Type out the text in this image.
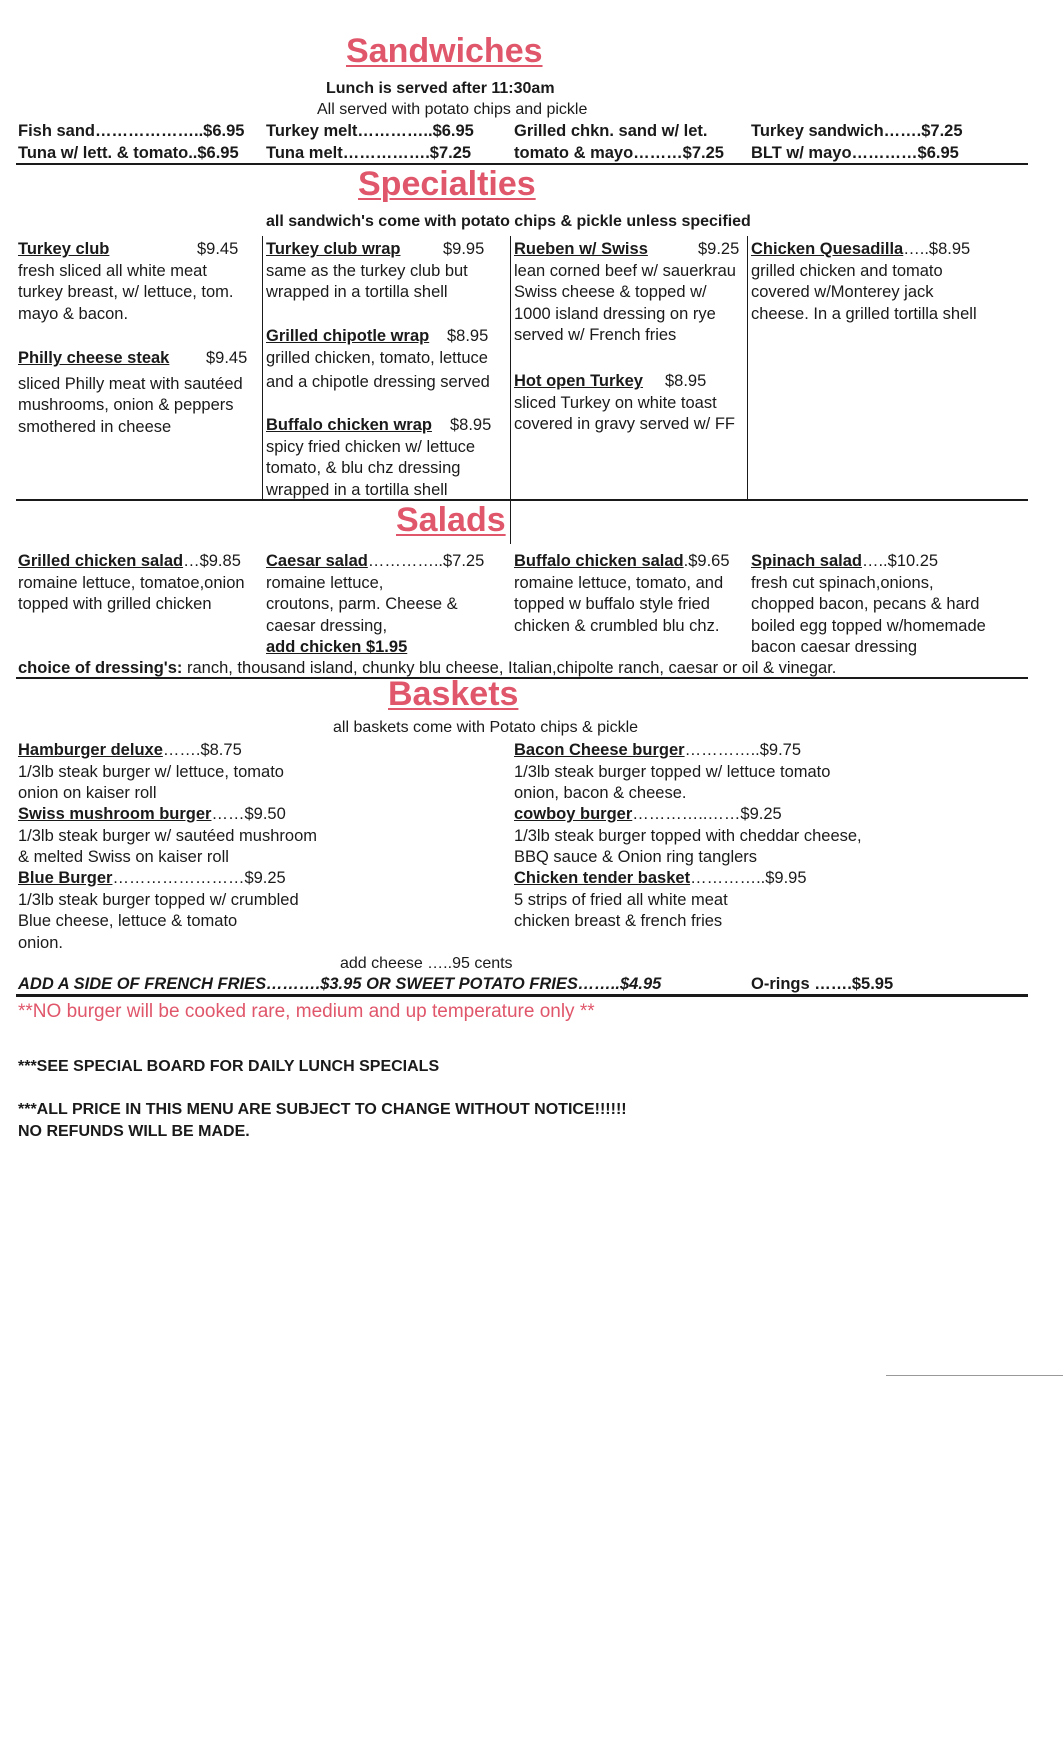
Sandwiches
Lunch is served after 11:30am
All served with potato chips and pickle
Fish sand………………..$6.95 Turkey melt…………..$6.95 Grilled chkn. sand w/ let.	Turkey sandwich…….$7.25
Tuna w/ lett. & tomato..$6.95 Tuna melt…………….$7.25	tomato & mayo………$7.25 BLT w/ mayo…………$6.95
Specialties
all sandwich's come with potato chips & pickle unless specified
Turkey club	$9.45
fresh sliced all white meat
turkey breast, w/ lettuce, tom.
mayo & bacon.
Philly cheese steak $9.45
sliced Philly meat with sautéed
mushrooms, onion & peppers
smothered in cheese
Turkey club wrap	$9.95
same as the turkey club but
wrapped in a tortilla shell
Grilled chipotle wrap $8.95
grilled chicken, tomato, lettuce
and a chipotle dressing served
Buffalo chicken wrap $8.95
spicy fried chicken w/ lettuce
tomato, & blu chz dressing
wrapped in a tortilla shell
Rueben w/ Swiss	$9.25
lean corned beef w/ sauerkrau
Swiss cheese & topped w/
1000 island dressing on rye
served w/ French fries
Hot open Turkey $8.95
sliced Turkey on white toast
covered in gravy served w/ FF
Chicken Quesadilla…..$8.95
grilled chicken and tomato
covered w/Monterey jack
cheese. In a grilled tortilla shell
Salads
Grilled chicken salad…$9.85
romaine lettuce, tomatoe,onion
topped with grilled chicken
Caesar salad…………..$7.25
romaine lettuce,
croutons, parm. Cheese &
caesar dressing,
add chicken $1.95
Buffalo chicken salad.$9.65
romaine lettuce, tomato, and
topped w buffalo style fried
chicken & crumbled blu chz.
Spinach salad…..$10.25
fresh cut spinach,onions,
chopped bacon, pecans & hard
boiled egg topped w/homemade
bacon caesar dressing
choice of dressing's: ranch, thousand island, chunky blu cheese, Italian,chipolte ranch, caesar or oil & vinegar.
Baskets
all baskets come with Potato chips & pickle
Hamburger deluxe…….$8.75
1/3lb steak burger w/ lettuce, tomato
onion on kaiser roll
Swiss mushroom burger……$9.50
1/3lb steak burger w/ sautéed mushroom
& melted Swiss on kaiser roll
Blue Burger……………………$9.25
1/3lb steak burger topped w/ crumbled
Blue cheese, lettuce & tomato
onion.
Bacon Cheese burger…………..$9.75
1/3lb steak burger topped w/ lettuce tomato
onion, bacon & cheese.
cowboy burger…………..……$9.25
1/3lb steak burger topped with cheddar cheese,
BBQ sauce & Onion ring tanglers
Chicken tender basket…………..$9.95
5 strips of fried all white meat
chicken breast & french fries
add cheese …..95 cents
ADD A SIDE OF FRENCH FRIES……….$3.95 OR SWEET POTATO FRIES……..$4.95	O-rings …….$5.95
**NO burger will be cooked rare, medium and up temperature only **
***SEE SPECIAL BOARD FOR DAILY LUNCH SPECIALS
***ALL PRICE IN THIS MENU ARE SUBJECT TO CHANGE WITHOUT NOTICE!!!!!!
NO REFUNDS WILL BE MADE.
